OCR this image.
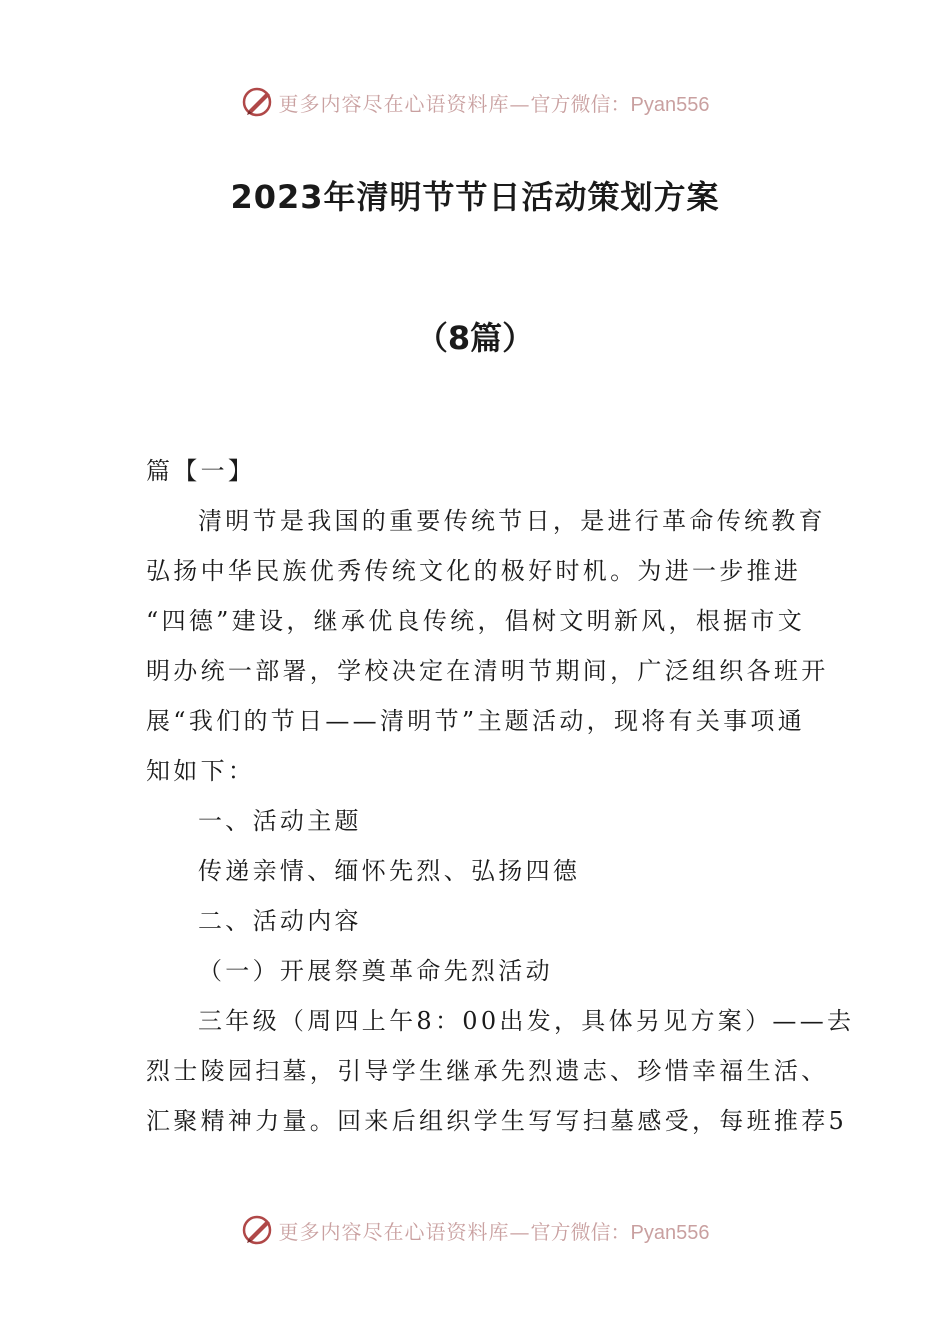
更多内容尽在心语资料库— 官方微信：Pyan556
2023年清明节节日活动策划方案
（8篇）
篇【一】
清明节是我国的重要传统节日，是进行革命传统教育
弘扬中华民族优秀传统文化的极好时机。为进一步推进
“四德”建设，继承优良传统，倡树文明新风，根据市文
明办统一部署，学校决定在清明节期间，广泛组织各班开
展“我们的节日——清明节”主题活动，现将有关事项通
知如下：
一、活动主题
传递亲情、缅怀先烈、弘扬四德
二、活动内容
（一）开展祭奠革命先烈活动
三年级（周四上午8：00出发，具体另见方案）——去
烈士陵园扫墓，引导学生继承先烈遗志、珍惜幸福生活、
汇聚精神力量。回来后组织学生写写扫墓感受，每班推荐5
更多内容尽在心语资料库— 官方微信：Pyan556
